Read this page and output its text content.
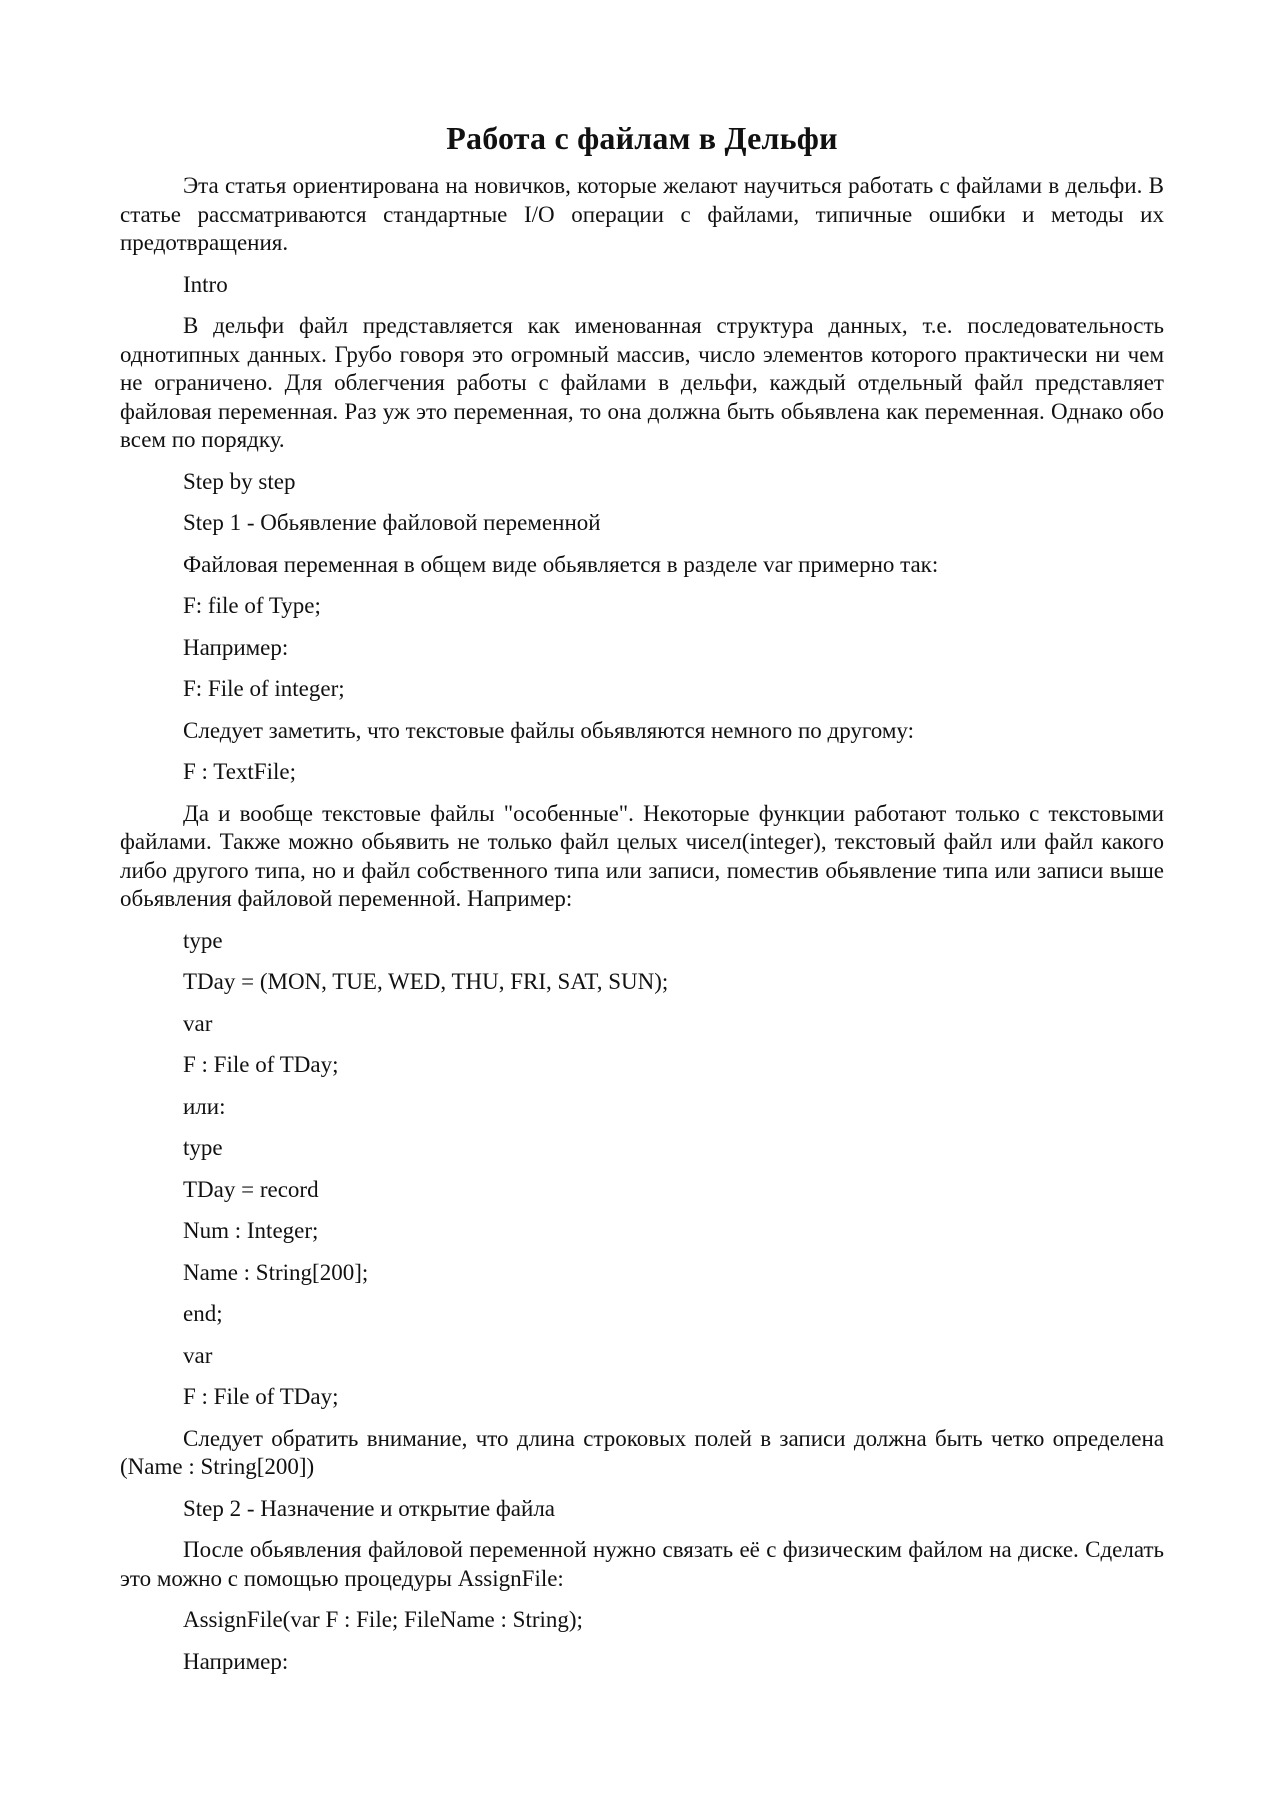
Работа с файлам в Дельфи

Эта статья ориентирована на новичков, которые желают научиться работать с файлами в дельфи. В статье рассматриваются стандартные I/O операции с файлами, типичные ошибки и методы их предотвращения.

Intro

В дельфи файл представляется как именованная структура данных, т.е. последовательность однотипных данных. Грубо говоря это огромный массив, число элементов которого практически ни чем не ограничено. Для облегчения работы с файлами в дельфи, каждый отдельный файл представляет файловая переменная. Раз уж это переменная, то она должна быть обьявлена как переменная. Однако обо всем по порядку.

Step by step

Step 1 - Обьявление файловой переменной

Файловая переменная в общем виде обьявляется в разделе var примерно так:

F: file of Type;

Например:

F: File of integer;

Следует заметить, что текстовые файлы обьявляются немного по другому:

F : TextFile;

Да и вообще текстовые файлы "особенные". Некоторые функции работают только с текстовыми файлами. Также можно обьявить не только файл целых чисел(integer), текстовый файл или файл какого либо другого типа, но и файл собственного типа или записи, поместив обьявление типа или записи выше обьявления файловой переменной. Например:

type

TDay = (MON, TUE, WED, THU, FRI, SAT, SUN);

var

F : File of TDay;

или:

type

TDay = record

Num : Integer;

Name : String[200];

end;

var

F : File of TDay;

Следует обратить внимание, что длина строковых полей в записи должна быть четко определена (Name : String[200])

Step 2 - Назначение и открытие файла

После обьявления файловой переменной нужно связать её с физическим файлом на диске. Сделать это можно с помощью процедуры AssignFile:

AssignFile(var F : File; FileName : String);

Например:
